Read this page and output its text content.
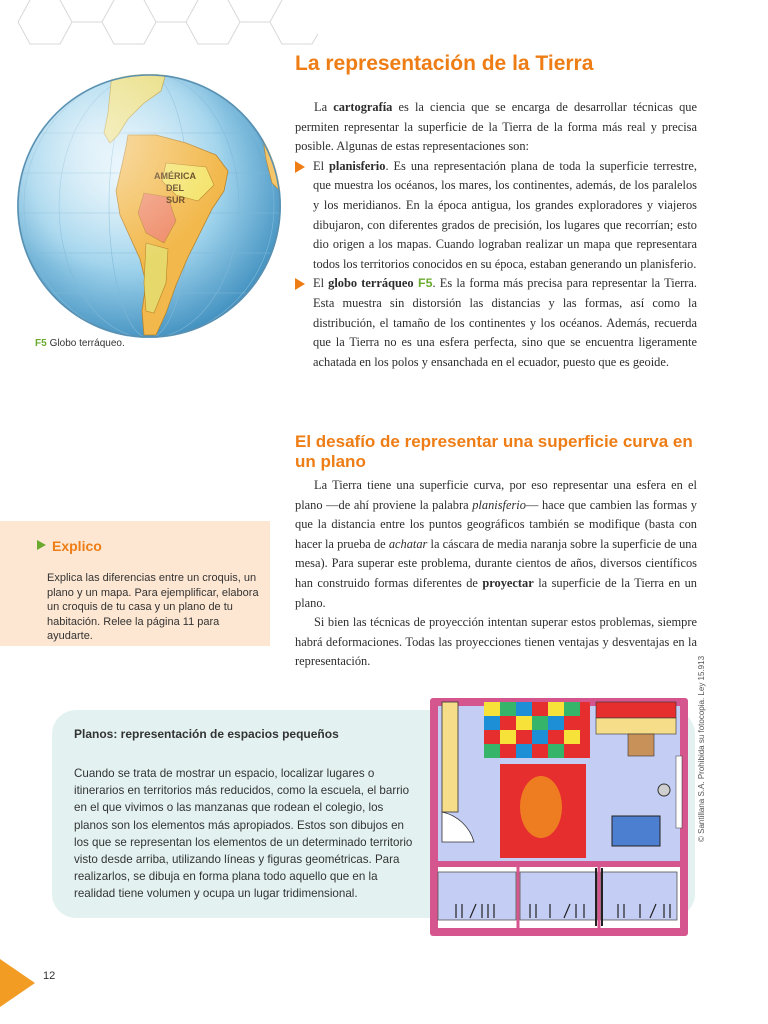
F5 Globo terráqueo.
La representación de la Tierra

La cartografía es la ciencia que se encarga de desarrollar técnicas que permiten representar la superficie de la Tierra de la forma más real y precisa posible. Algunas de estas representaciones son:

El planisferio. Es una representación plana de toda la superficie terrestre, que muestra los océanos, los mares, los continentes, además, de los paralelos y los meridianos. En la época antigua, los grandes exploradores y viajeros dibujaron, con diferentes grados de precisión, los lugares que recorrían; esto dio origen a los mapas. Cuando lograban realizar un mapa que representara todos los territorios conocidos en su época, estaban generando un planisferio.

El globo terráqueo F5. Es la forma más precisa para representar la Tierra. Esta muestra sin distorsión las distancias y las formas, así como la distribución, el tamaño de los continentes y los océanos. Además, recuerda que la Tierra no es una esfera perfecta, sino que se encuentra ligeramente achatada en los polos y ensanchada en el ecuador, puesto que es geoide.

El desafío de representar una superficie curva en un plano

La Tierra tiene una superficie curva, por eso representar una esfera en el plano —de ahí proviene la palabra planisferio— hace que cambien las formas y que la distancia entre los puntos geográficos también se modifique (basta con hacer la prueba de achatar la cáscara de media naranja sobre la superficie de una mesa). Para superar este problema, durante cientos de años, diversos científicos han construido formas diferentes de proyectar la superficie de la Tierra en un plano.

Si bien las técnicas de proyección intentan superar estos problemas, siempre habrá deformaciones. Todas las proyecciones tienen ventajas y desventajas en la representación.

Explico
Explica las diferencias entre un croquis, un plano y un mapa. Para ejemplificar, elabora un croquis de tu casa y un plano de tu habitación. Relee la página 11 para ayudarte.
© Santillana S.A. Prohibida su fotocopia. Ley 15.913
Planos: representación de espacios pequeños
Cuando se trata de mostrar un espacio, localizar lugares o itinerarios en territorios más reducidos, como la escuela, el barrio en el que vivimos o las manzanas que rodean el colegio, los planos son los elementos más apropiados. Estos son dibujos en los que se representan los elementos de un determinado territorio visto desde arriba, utilizando líneas y figuras geométricas. Para realizarlos, se dibuja en forma plana todo aquello que en la realidad tiene volumen y ocupa un lugar tridimensional.
12
